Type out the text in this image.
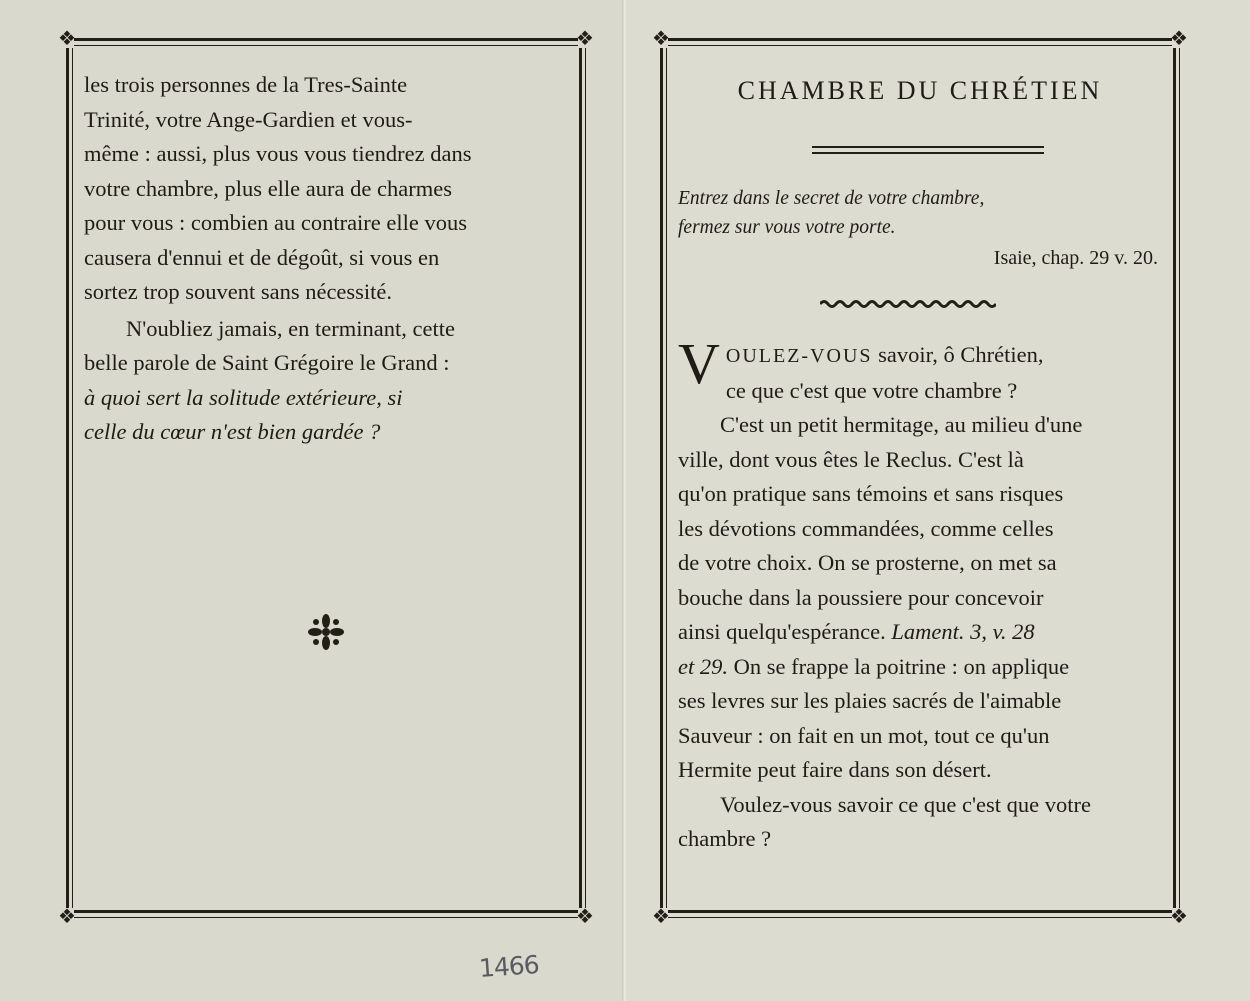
❖	❖
❖	❖

les trois personnes de la Tres-Sainte

Trinité, votre Ange-Gardien et vous-

même : aussi, plus vous vous tiendrez dans

votre chambre, plus elle aura de charmes

pour vous : combien au contraire elle vous

causera d'ennui et de dégoût, si vous en

sortez trop souvent sans nécessité.

N'oubliez jamais, en terminant, cette

belle parole de Saint Grégoire le Grand :

à quoi sert la solitude extérieure, si

celle du cœur n'est bien gardée ?

❖	❖
❖	❖
CHAMBRE DU CHRÉTIEN
Entrez dans le secret de votre chambre,
fermez sur vous votre porte.
Isaie, chap. 29 v. 20.

VOULEZ-VOUS savoir, ô Chrétien,

ce que c'est que votre chambre ?

C'est un petit hermitage, au milieu d'une

ville, dont vous êtes le Reclus. C'est là

qu'on pratique sans témoins et sans risques

les dévotions commandées, comme celles

de votre choix. On se prosterne, on met sa

bouche dans la poussiere pour concevoir

ainsi quelqu'espérance. Lament. 3, v. 28

et 29. On se frappe la poitrine : on applique

ses levres sur les plaies sacrés de l'aimable

Sauveur : on fait en un mot, tout ce qu'un

Hermite peut faire dans son désert.

Voulez-vous savoir ce que c'est que votre

chambre ?

1466
